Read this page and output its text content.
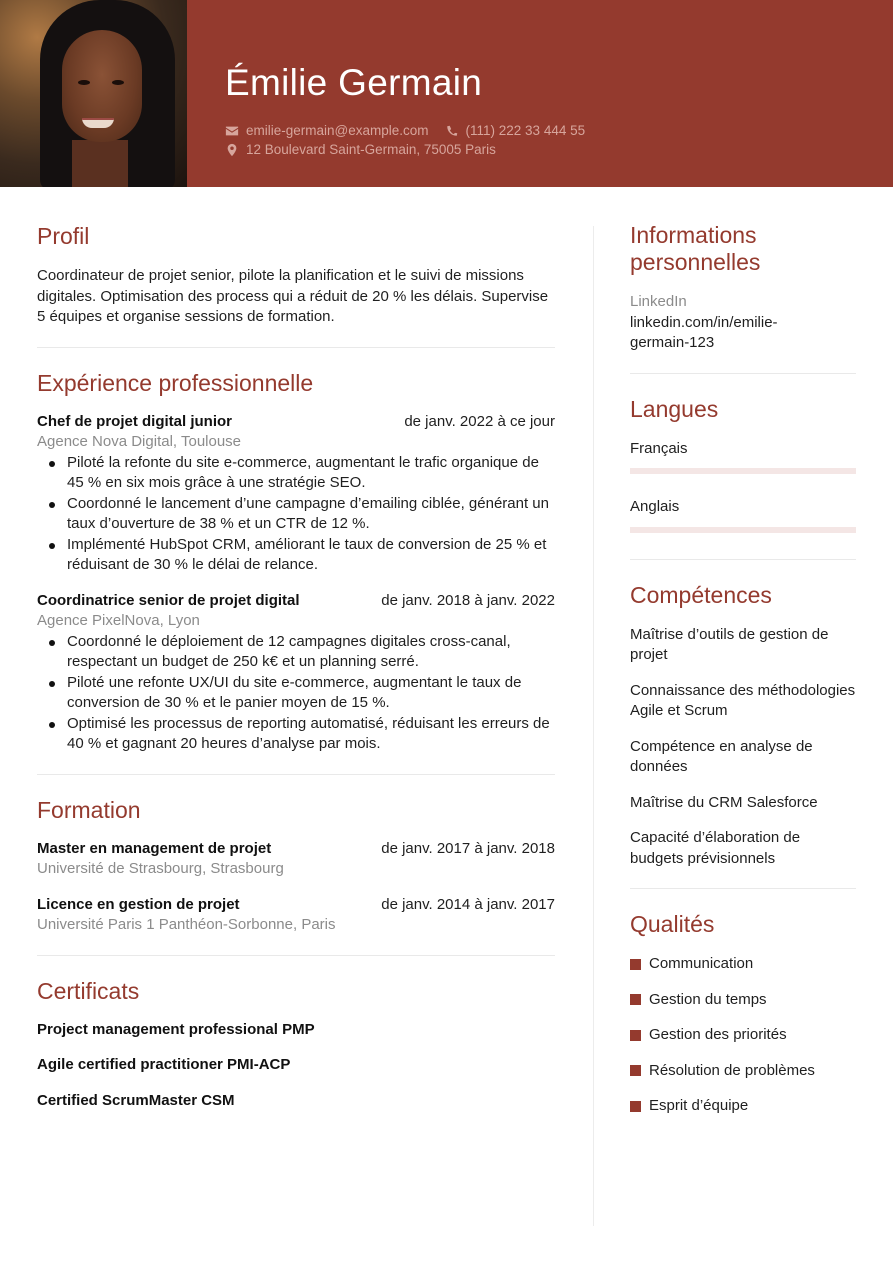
Émilie Germain
emilie-germain@example.com	(111) 222 33 444 55
12 Boulevard Saint-Germain, 75005 Paris
Profil

Coordinateur de projet senior, pilote la planification et le suivi de missions digitales. Optimisation des process qui a réduit de 20 % les délais. Supervise 5 équipes et organise sessions de formation.

Expérience professionnelle
Chef de projet digital junior	de janv. 2022 à ce jour
Agence Nova Digital, Toulouse
Piloté la refonte du site e-commerce, augmentant le trafic organique de 45 % en six mois grâce à une stratégie SEO.
Coordonné le lancement d’une campagne d’emailing ciblée, générant un taux d’ouverture de 38 % et un CTR de 12 %.
Implémenté HubSpot CRM, améliorant le taux de conversion de 25 % et réduisant de 30 % le délai de relance.
Coordinatrice senior de projet digital	de janv. 2018 à janv. 2022
Agence PixelNova, Lyon
Coordonné le déploiement de 12 campagnes digitales cross-canal, respectant un budget de 250 k€ et un planning serré.
Piloté une refonte UX/UI du site e-commerce, augmentant le taux de conversion de 30 % et le panier moyen de 15 %.
Optimisé les processus de reporting automatisé, réduisant les erreurs de 40 % et gagnant 20 heures d’analyse par mois.
Formation
Master en management de projet	de janv. 2017 à janv. 2018
Université de Strasbourg, Strasbourg
Licence en gestion de projet	de janv. 2014 à janv. 2017
Université Paris 1 Panthéon-Sorbonne, Paris
Certificats
Project management professional PMP
Agile certified practitioner PMI-ACP
Certified ScrumMaster CSM
Informations personnelles
LinkedIn
linkedin.com/in/emilie-germain-123
Langues
Français
Anglais
Compétences
Maîtrise d’outils de gestion de projet
Connaissance des méthodologies Agile et Scrum
Compétence en analyse de données
Maîtrise du CRM Salesforce
Capacité d’élaboration de budgets prévisionnels
Qualités
Communication
Gestion du temps
Gestion des priorités
Résolution de problèmes
Esprit d’équipe
